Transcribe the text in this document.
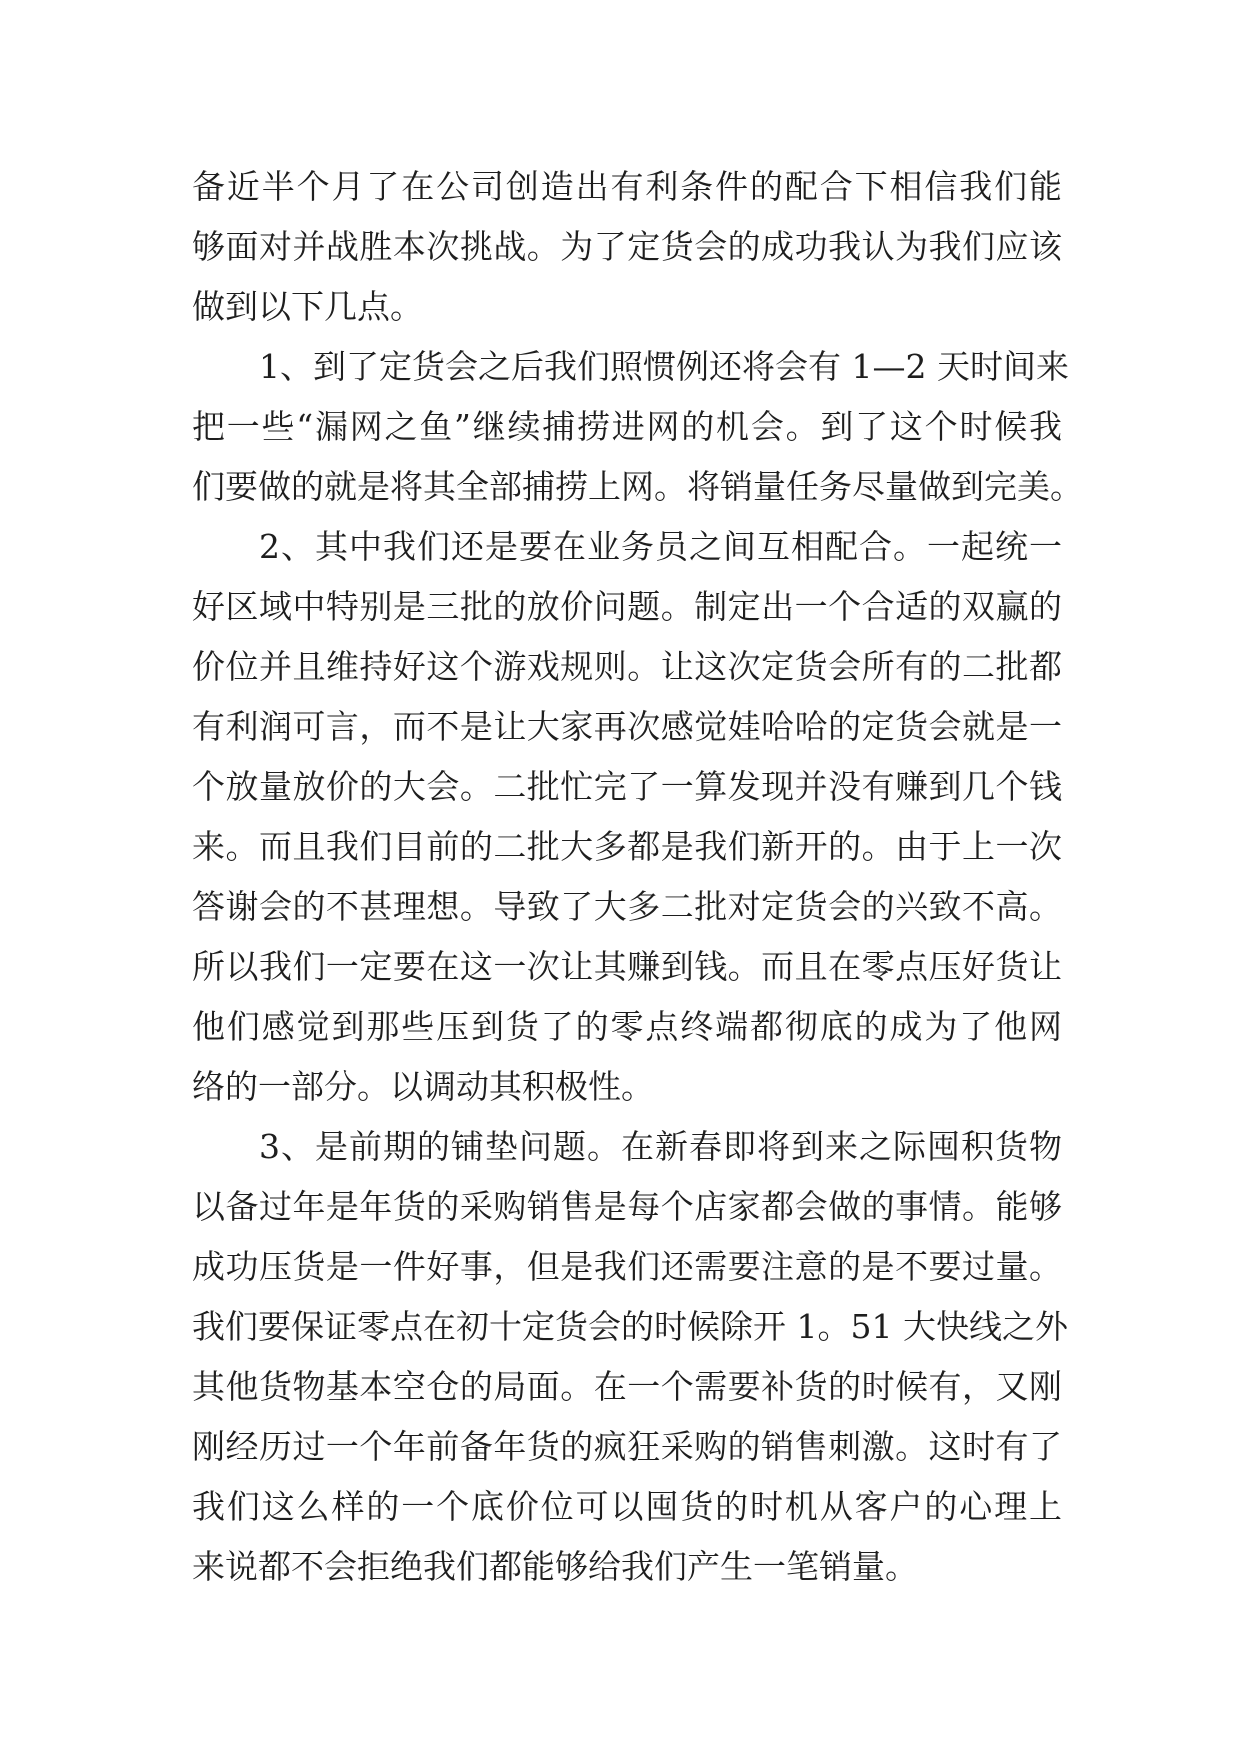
备近半个月了在公司创造出有利条件的配合下相信我们能
够面对并战胜本次挑战。为了定货会的成功我认为我们应该
做到以下几点。
1、到了定货会之后我们照惯例还将会有 1—2 天时间来
把一些“漏网之鱼”继续捕捞进网的机会。到了这个时候我
们要做的就是将其全部捕捞上网。将销量任务尽量做到完美。
2、其中我们还是要在业务员之间互相配合。一起统一
好区域中特别是三批的放价问题。制定出一个合适的双赢的
价位并且维持好这个游戏规则。让这次定货会所有的二批都
有利润可言，而不是让大家再次感觉娃哈哈的定货会就是一
个放量放价的大会。二批忙完了一算发现并没有赚到几个钱
来。而且我们目前的二批大多都是我们新开的。由于上一次
答谢会的不甚理想。导致了大多二批对定货会的兴致不高。
所以我们一定要在这一次让其赚到钱。而且在零点压好货让
他们感觉到那些压到货了的零点终端都彻底的成为了他网
络的一部分。以调动其积极性。
3、是前期的铺垫问题。在新春即将到来之际囤积货物
以备过年是年货的采购销售是每个店家都会做的事情。能够
成功压货是一件好事，但是我们还需要注意的是不要过量。
我们要保证零点在初十定货会的时候除开 1。51 大快线之外
其他货物基本空仓的局面。在一个需要补货的时候有，又刚
刚经历过一个年前备年货的疯狂采购的销售刺激。这时有了
我们这么样的一个底价位可以囤货的时机从客户的心理上
来说都不会拒绝我们都能够给我们产生一笔销量。
